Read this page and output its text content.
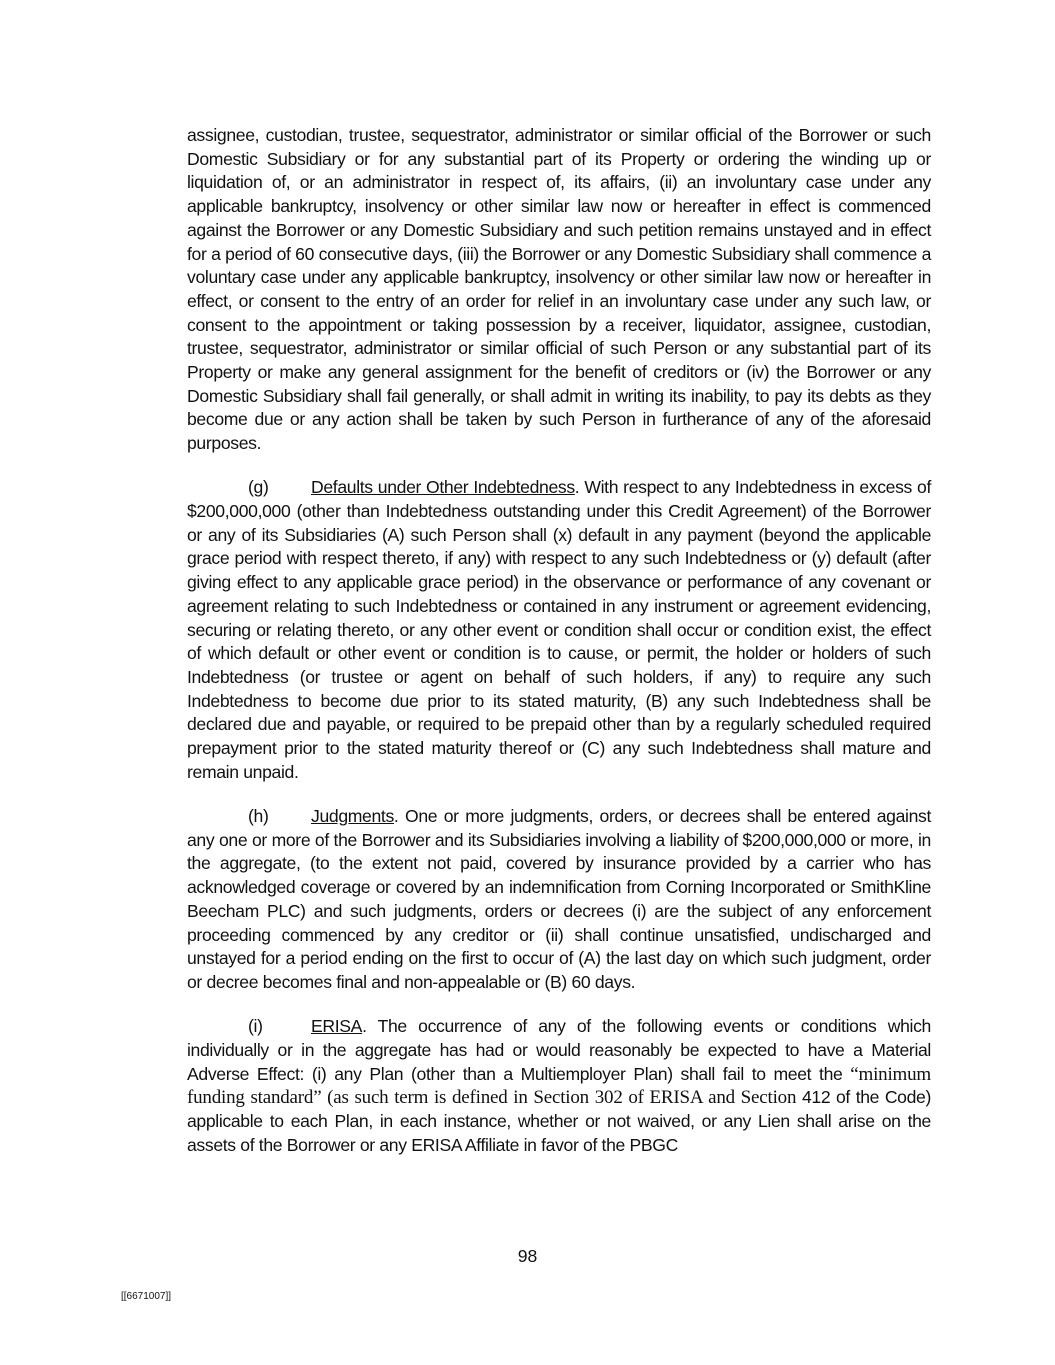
assignee, custodian, trustee, sequestrator, administrator or similar official of the Borrower or such Domestic Subsidiary or for any substantial part of its Property or ordering the winding up or liquidation of, or an administrator in respect of, its affairs, (ii) an involuntary case under any applicable bankruptcy, insolvency or other similar law now or hereafter in effect is commenced against the Borrower or any Domestic Subsidiary and such petition remains unstayed and in effect for a period of 60 consecutive days, (iii) the Borrower or any Domestic Subsidiary shall commence a voluntary case under any applicable bankruptcy, insolvency or other similar law now or hereafter in effect, or consent to the entry of an order for relief in an involuntary case under any such law, or consent to the appointment or taking possession by a receiver, liquidator, assignee, custodian, trustee, sequestrator, administrator or similar official of such Person or any substantial part of its Property or make any general assignment for the benefit of creditors or (iv) the Borrower or any Domestic Subsidiary shall fail generally, or shall admit in writing its inability, to pay its debts as they become due or any action shall be taken by such Person in furtherance of any of the aforesaid purposes.

(g) Defaults under Other Indebtedness. With respect to any Indebtedness in excess of $200,000,000 (other than Indebtedness outstanding under this Credit Agreement) of the Borrower or any of its Subsidiaries (A) such Person shall (x) default in any payment (beyond the applicable grace period with respect thereto, if any) with respect to any such Indebtedness or (y) default (after giving effect to any applicable grace period) in the observance or performance of any covenant or agreement relating to such Indebtedness or contained in any instrument or agreement evidencing, securing or relating thereto, or any other event or condition shall occur or condition exist, the effect of which default or other event or condition is to cause, or permit, the holder or holders of such Indebtedness (or trustee or agent on behalf of such holders, if any) to require any such Indebtedness to become due prior to its stated maturity, (B) any such Indebtedness shall be declared due and payable, or required to be prepaid other than by a regularly scheduled required prepayment prior to the stated maturity thereof or (C) any such Indebtedness shall mature and remain unpaid.

(h) Judgments. One or more judgments, orders, or decrees shall be entered against any one or more of the Borrower and its Subsidiaries involving a liability of $200,000,000 or more, in the aggregate, (to the extent not paid, covered by insurance provided by a carrier who has acknowledged coverage or covered by an indemnification from Corning Incorporated or SmithKline Beecham PLC) and such judgments, orders or decrees (i) are the subject of any enforcement proceeding commenced by any creditor or (ii) shall continue unsatisfied, undischarged and unstayed for a period ending on the first to occur of (A) the last day on which such judgment, order or decree becomes final and non-appealable or (B) 60 days.

(i)	ERISA. The occurrence of any of the following events or conditions which individually or in the aggregate has had or would reasonably be expected to have a Material Adverse Effect: (i) any Plan (other than a Multiemployer Plan) shall fail to meet the “minimum funding standard” (as such term is defined in Section 302 of ERISA and Section 412 of the Code) applicable to each Plan, in each instance, whether or not waived, or any Lien shall arise on the assets of the Borrower or any ERISA Affiliate in favor of the PBGC

98
[[6671007]]
